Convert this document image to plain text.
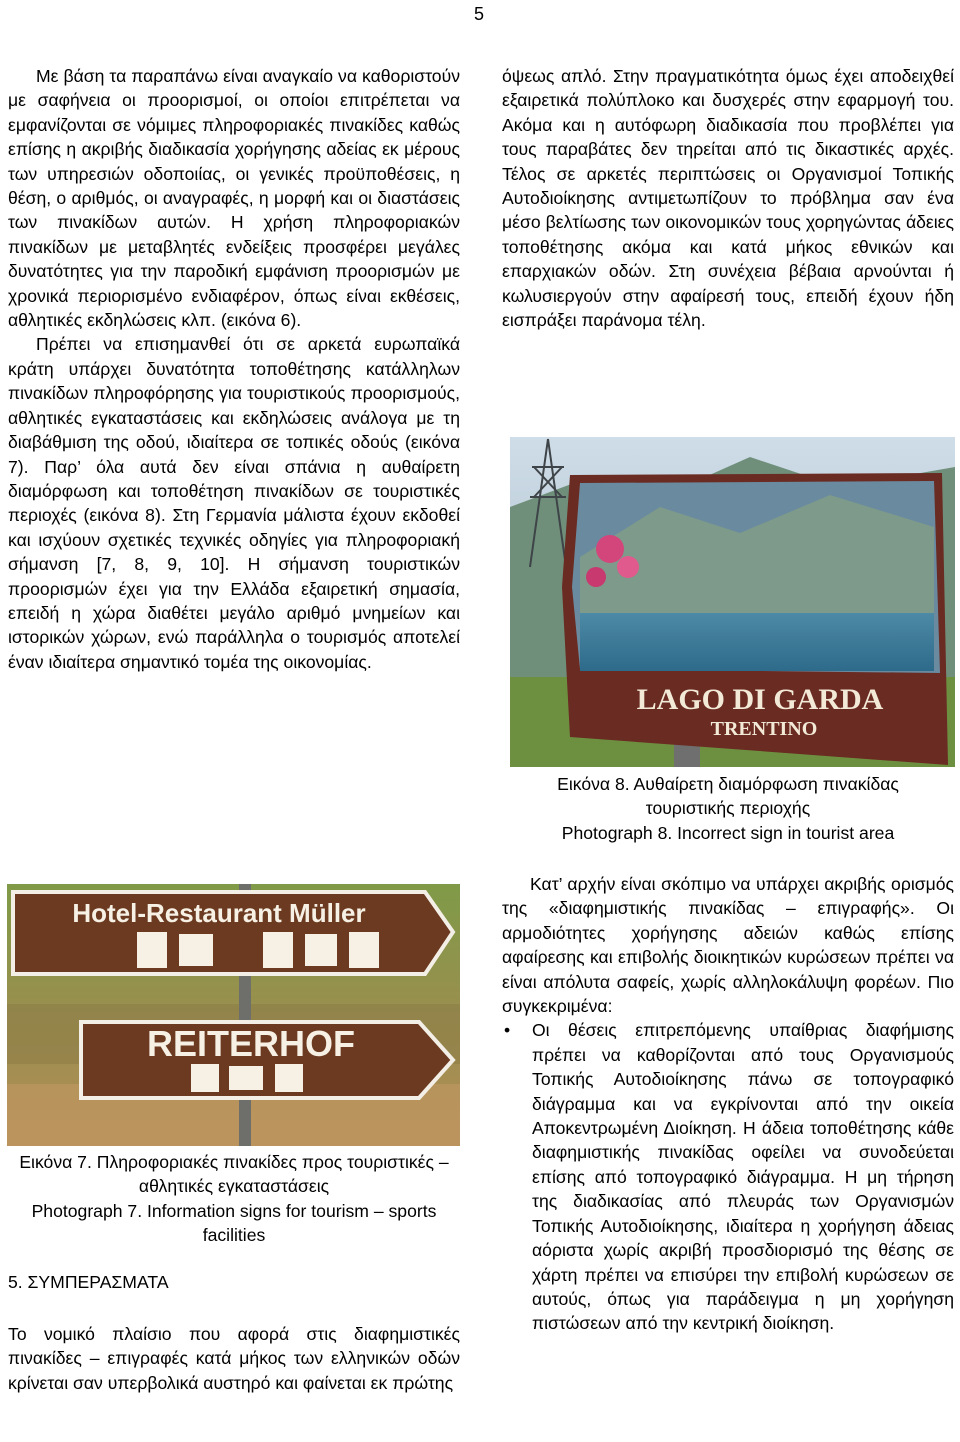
5

Με βάση τα παραπάνω είναι αναγκαίο να καθοριστούν με σαφήνεια οι προορισμοί, οι οποίοι επιτρέπεται να εμφανίζονται σε νόμιμες πληροφοριακές πινακίδες καθώς επίσης η ακριβής διαδικασία χορήγησης αδείας εκ μέρους των υπηρεσιών οδοποιίας, οι γενικές προϋποθέσεις, η θέση, ο αριθμός, οι αναγραφές, η μορφή και οι διαστάσεις των πινακίδων αυτών. Η χρήση πληροφοριακών πινακίδων με μεταβλητές ενδείξεις προσφέρει μεγάλες δυνατότητες για την παροδική εμφάνιση προορισμών με χρονικά περιορισμένο ενδιαφέρον, όπως είναι εκθέσεις, αθλητικές εκδηλώσεις κλπ. (εικόνα 6).

Πρέπει να επισημανθεί ότι σε αρκετά ευρωπαϊκά κράτη υπάρχει δυνατότητα τοποθέτησης κατάλληλων πινακίδων πληροφόρησης για τουριστικούς προορισμούς, αθλητικές εγκαταστάσεις και εκδηλώσεις ανάλογα με τη διαβάθμιση της οδού, ιδιαίτερα σε τοπικές οδούς (εικόνα 7). Παρ’ όλα αυτά δεν είναι σπάνια η αυθαίρετη διαμόρφωση και τοποθέτηση πινακίδων σε τουριστικές περιοχές (εικόνα 8). Στη Γερμανία μάλιστα έχουν εκδοθεί και ισχύουν σχετικές τεχνικές οδηγίες για πληροφοριακή σήμανση [7, 8, 9, 10]. Η σήμανση τουριστικών προορισμών έχει για την Ελλάδα εξαιρετική σημασία, επειδή η χώρα διαθέτει μεγάλο αριθμό μνημείων και ιστορικών χώρων, ενώ παράλληλα ο τουρισμός αποτελεί έναν ιδιαίτερα σημαντικό τομέα της οικονομίας.

Hotel-Restaurant Müller
REITERHOF
Εικόνα 7. Πληροφοριακές πινακίδες προς τουριστικές – αθλητικές εγκαταστάσεις
Photograph 7. Information signs for tourism – sports facilities
5. ΣΥΜΠΕΡΑΣΜΑΤΑ

Το νομικό πλαίσιο που αφορά στις διαφημιστικές πινακίδες – επιγραφές κατά μήκος των ελληνικών οδών κρίνεται σαν υπερβολικά αυστηρό και φαίνεται εκ πρώτης

όψεως απλό. Στην πραγματικότητα όμως έχει αποδειχθεί εξαιρετικά πολύπλοκο και δυσχερές στην εφαρμογή του. Ακόμα και η αυτόφωρη διαδικασία που προβλέπει για τους παραβάτες δεν τηρείται από τις δικαστικές αρχές. Τέλος σε αρκετές περιπτώσεις οι Οργανισμοί Τοπικής Αυτοδιοίκησης αντιμετωπίζουν το πρόβλημα σαν ένα μέσο βελτίωσης των οικονομικών τους χορηγώντας άδειες τοποθέτησης ακόμα και κατά μήκος εθνικών και επαρχιακών οδών. Στη συνέχεια βέβαια αρνούνται ή κωλυσιεργούν στην αφαίρεσή τους, επειδή έχουν ήδη εισπράξει παράνομα τέλη.

LAGO DI GARDA
TRENTINO
Εικόνα 8. Αυθαίρετη διαμόρφωση πινακίδας τουριστικής περιοχής
Photograph 8. Incorrect sign in tourist area

Κατ’ αρχήν είναι σκόπιμο να υπάρχει ακριβής ορισμός της «διαφημιστικής πινακίδας – επιγραφής». Οι αρμοδιότητες χορήγησης αδειών καθώς επίσης αφαίρεσης και επιβολής διοικητικών κυρώσεων πρέπει να είναι απόλυτα σαφείς, χωρίς αλληλοκάλυψη φορέων. Πιο συγκεκριμένα:

• Οι θέσεις επιτρεπόμενης υπαίθριας διαφήμισης πρέπει να καθορίζονται από τους Οργανισμούς Τοπικής Αυτοδιοίκησης πάνω σε τοπογραφικό διάγραμμα και να εγκρίνονται από την οικεία Αποκεντρωμένη Διοίκηση. Η άδεια τοποθέτησης κάθε διαφημιστικής πινακίδας οφείλει να συνοδεύεται επίσης από τοπογραφικό διάγραμμα. Η μη τήρηση της διαδικασίας από πλευράς των Οργανισμών Τοπικής Αυτοδιοίκησης, ιδιαίτερα η χορήγηση άδειας αόριστα χωρίς ακριβή προσδιορισμό της θέσης σε χάρτη πρέπει να επισύρει την επιβολή κυρώσεων σε αυτούς, όπως για παράδειγμα η μη χορήγηση πιστώσεων από την κεντρική διοίκηση.
